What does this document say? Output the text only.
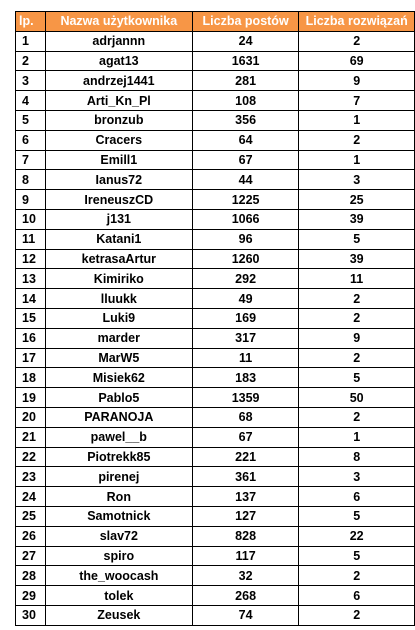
lp.	Nazwa użytkownika	Liczba postów	Liczba rozwiązań
1	adrjannn	24	2
2	agat13	1631	69
3	andrzej1441	281	9
4	Arti_Kn_Pl	108	7
5	bronzub	356	1
6	Cracers	64	2
7	Emill1	67	1
8	Ianus72	44	3
9	IreneuszCD	1225	25
10	j131	1066	39
11	Katani1	96	5
12	ketrasaArtur	1260	39
13	Kimiriko	292	11
14	lluukk	49	2
15	Luki9	169	2
16	marder	317	9
17	MarW5	11	2
18	Misiek62	183	5
19	Pablo5	1359	50
20	PARANOJA	68	2
21	pawel__b	67	1
22	Piotrekk85	221	8
23	pirenej	361	3
24	Ron	137	6
25	Samotnick	127	5
26	slav72	828	22
27	spiro	117	5
28	the_woocash	32	2
29	tolek	268	6
30	Zeusek	74	2
